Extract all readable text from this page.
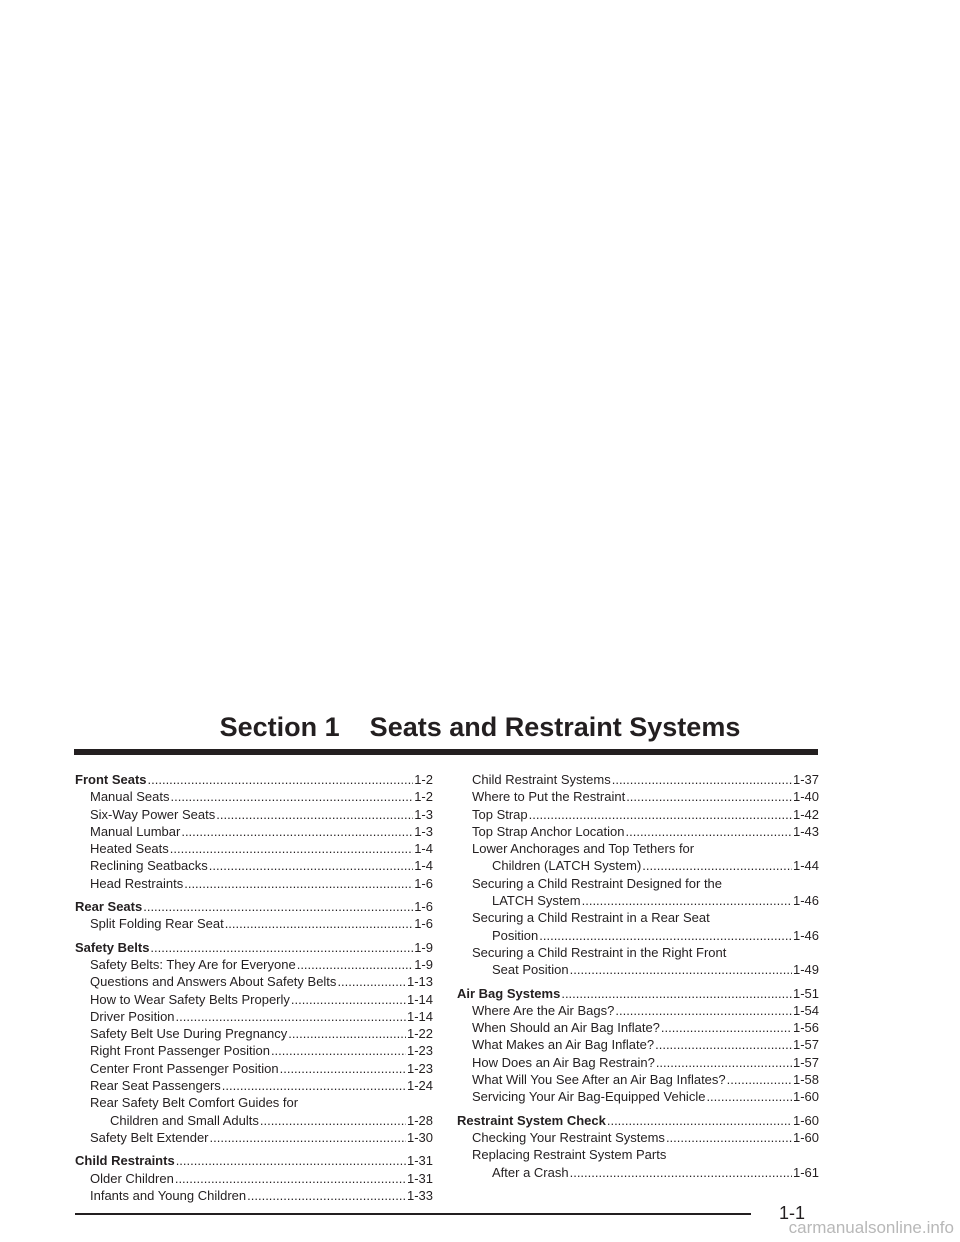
Section 1    Seats and Restraint Systems
Front Seats .....	1-2
Manual Seats .....	1-2
Six-Way Power Seats .....	1-3
Manual Lumbar .....	1-3
Heated Seats .....	1-4
Reclining Seatbacks .....	1-4
Head Restraints .....	1-6
Rear Seats .....	1-6
Split Folding Rear Seat .....	1-6
Safety Belts .....	1-9
Safety Belts: They Are for Everyone .....	1-9
Questions and Answers About Safety Belts .....	1-13
How to Wear Safety Belts Properly .....	1-14
Driver Position .....	1-14
Safety Belt Use During Pregnancy .....	1-22
Right Front Passenger Position .....	1-23
Center Front Passenger Position .....	1-23
Rear Seat Passengers .....	1-24
Rear Safety Belt Comfort Guides for
Children and Small Adults .....	1-28
Safety Belt Extender .....	1-30
Child Restraints .....	1-31
Older Children .....	1-31
Infants and Young Children .....	1-33
Child Restraint Systems .....	1-37
Where to Put the Restraint .....	1-40
Top Strap .....	1-42
Top Strap Anchor Location .....	1-43
Lower Anchorages and Top Tethers for
Children (LATCH System) .....	1-44
Securing a Child Restraint Designed for the
LATCH System .....	1-46
Securing a Child Restraint in a Rear Seat
Position .....	1-46
Securing a Child Restraint in the Right Front
Seat Position .....	1-49
Air Bag Systems .....	1-51
Where Are the Air Bags? .....	1-54
When Should an Air Bag Inflate? .....	1-56
What Makes an Air Bag Inflate? .....	1-57
How Does an Air Bag Restrain? .....	1-57
What Will You See After an Air Bag Inflates? .....	1-58
Servicing Your Air Bag-Equipped Vehicle .....	1-60
Restraint System Check .....	1-60
Checking Your Restraint Systems .....	1-60
Replacing Restraint System Parts
After a Crash .....	1-61
1-1
carmanualsonline.info
